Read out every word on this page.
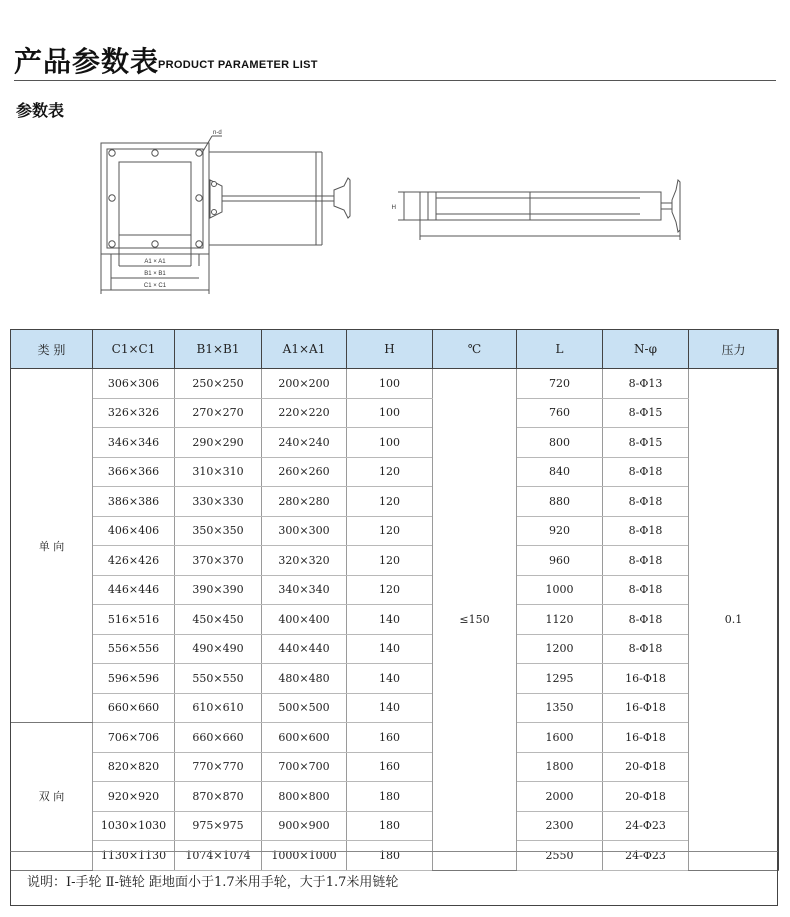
产品参数表
PRODUCT PARAMETER LIST
参数表
n-d
A1 × A1
B1 × B1
C1 × C1
H
类 别	C1×C1	B1×B1	A1×A1	H	℃	L	N-φ	压力
单 向	306×306	250×250	200×200	100	≤150	720	8-Φ13	0.1
	326×326	270×270	220×220	100		760	8-Φ15	
	346×346	290×290	240×240	100		800	8-Φ15	
	366×366	310×310	260×260	120		840	8-Φ18	
	386×386	330×330	280×280	120		880	8-Φ18	
	406×406	350×350	300×300	120		920	8-Φ18	
	426×426	370×370	320×320	120		960	8-Φ18	
	446×446	390×390	340×340	120		1000	8-Φ18	
	516×516	450×450	400×400	140		1120	8-Φ18	
	556×556	490×490	440×440	140		1200	8-Φ18	
	596×596	550×550	480×480	140		1295	16-Φ18	
	660×660	610×610	500×500	140		1350	16-Φ18	
双 向	706×706	660×660	600×600	160		1600	16-Φ18	
	820×820	770×770	700×700	160		1800	20-Φ18	
	920×920	870×870	800×800	180		2000	20-Φ18	
	1030×1030	975×975	900×900	180		2300	24-Φ23	
	1130×1130	1074×1074	1000×1000	180		2550	24-Φ23	
说明：Ⅰ-手轮 Ⅱ-链轮 距地面小于1.7米用手轮，大于1.7米用链轮
